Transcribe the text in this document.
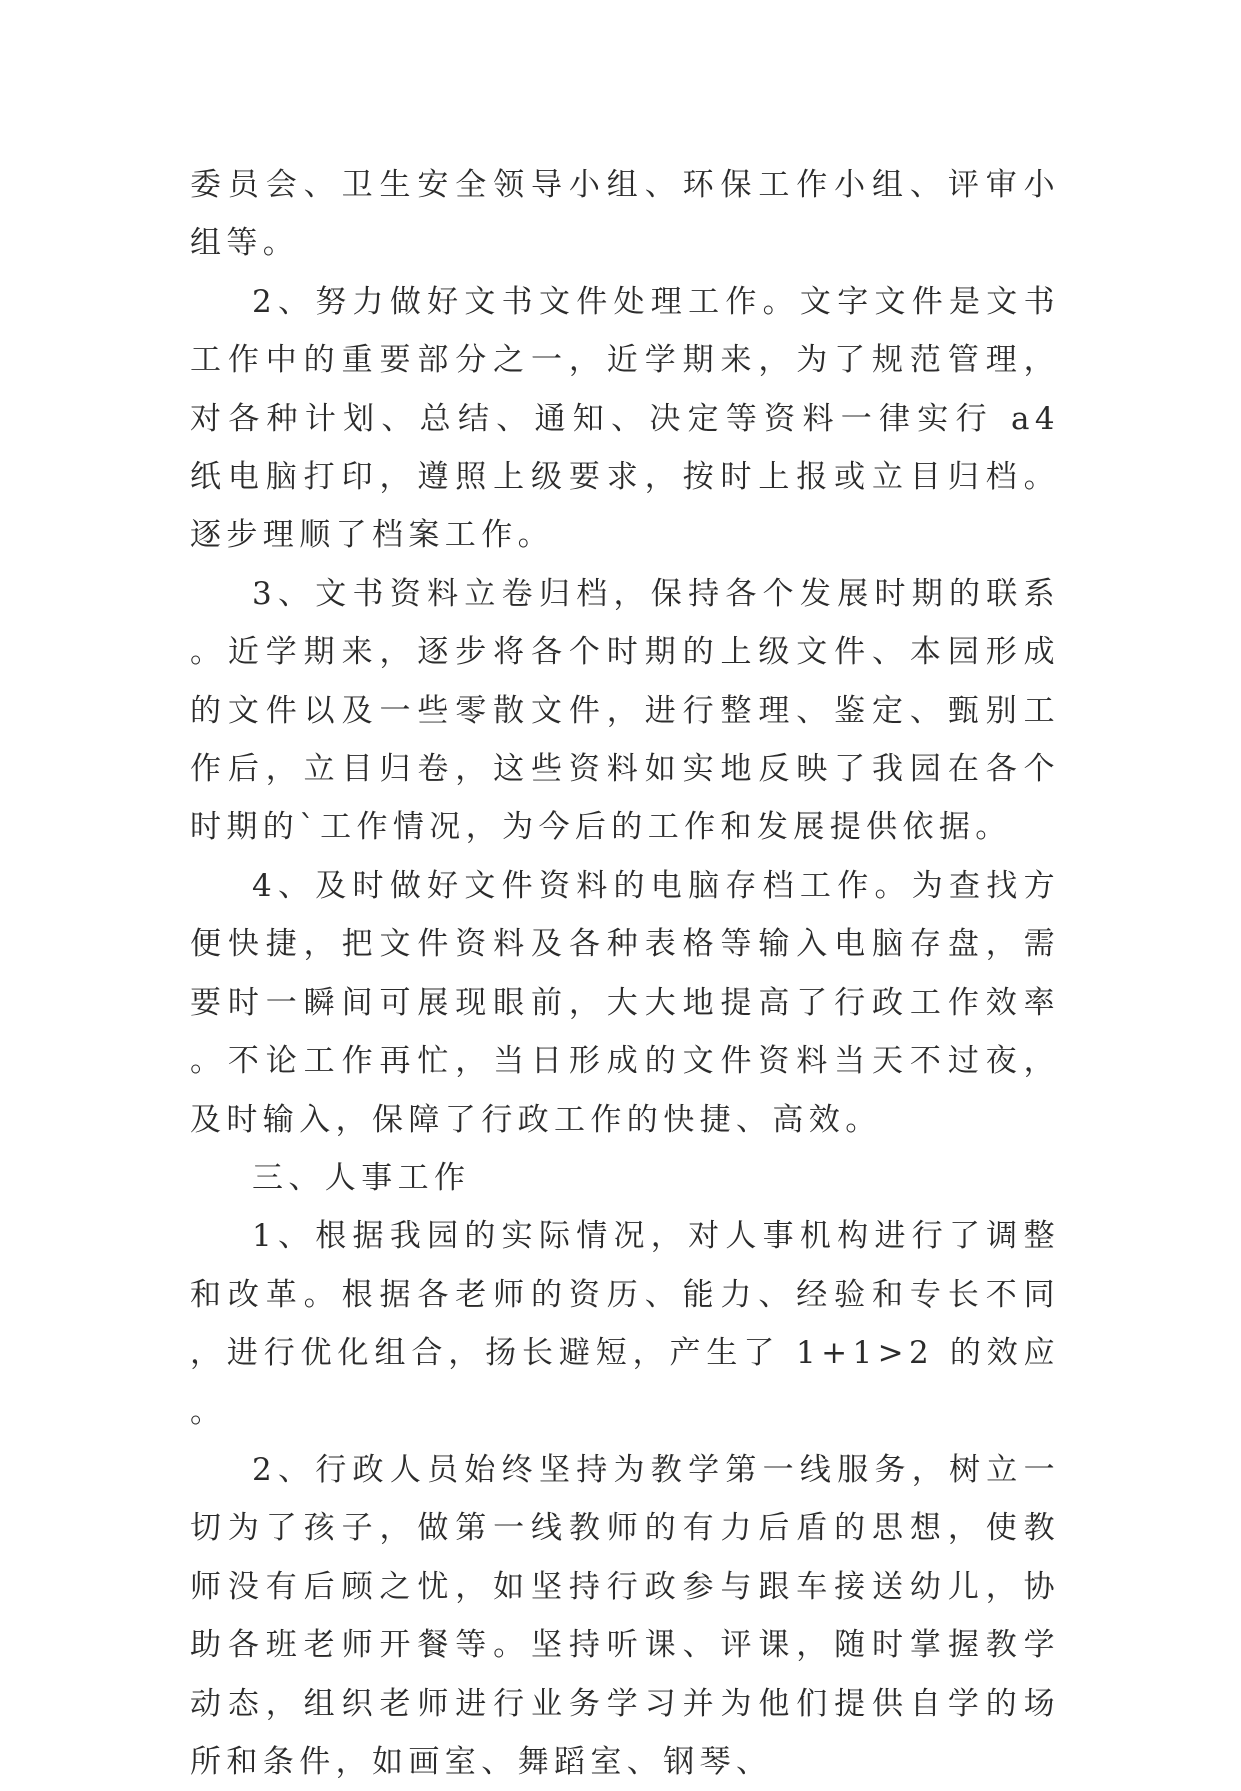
委员会、卫生安全领导小组、环保工作小组、评审小组等。

2、努力做好文书文件处理工作。文字文件是文书工作中的重要部分之一，近学期来，为了规范管理，对各种计划、总结、通知、决定等资料一律实行 a4 纸电脑打印，遵照上级要求，按时上报或立目归档。逐步理顺了档案工作。

3、文书资料立卷归档，保持各个发展时期的联系。近学期来，逐步将各个时期的上级文件、本园形成的文件以及一些零散文件，进行整理、鉴定、甄别工作后，立目归卷，这些资料如实地反映了我园在各个时期的`工作情况，为今后的工作和发展提供依据。

4、及时做好文件资料的电脑存档工作。为查找方便快捷，把文件资料及各种表格等输入电脑存盘，需要时一瞬间可展现眼前，大大地提高了行政工作效率。不论工作再忙，当日形成的文件资料当天不过夜，及时输入，保障了行政工作的快捷、高效。

三、人事工作

1、根据我园的实际情况，对人事机构进行了调整和改革。根据各老师的资历、能力、经验和专长不同，进行优化组合，扬长避短，产生了 1+1>2 的效应。

2、行政人员始终坚持为教学第一线服务，树立一切为了孩子，做第一线教师的有力后盾的思想，使教师没有后顾之忧，如坚持行政参与跟车接送幼儿，协助各班老师开餐等。坚持听课、评课，随时掌握教学动态，组织老师进行业务学习并为他们提供自学的场所和条件，如画室、舞蹈室、钢琴、
